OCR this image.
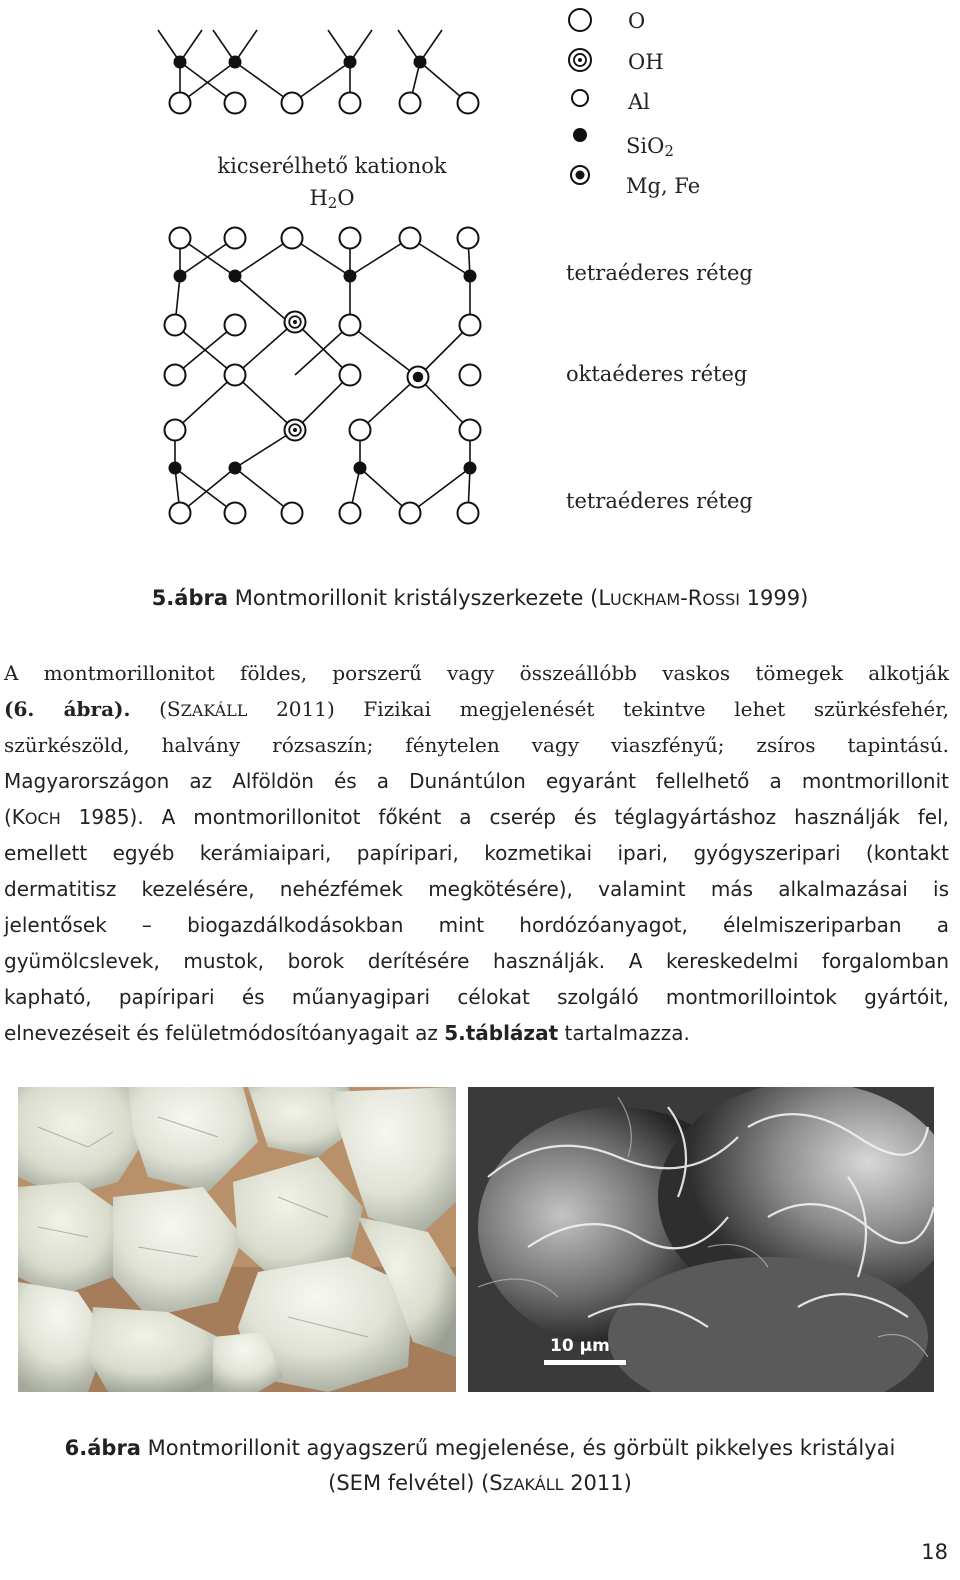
O
OH
Al
SiO2
Mg, Fe
kicserélhető kationok
H2O
tetraéderes réteg
oktaéderes réteg
tetraéderes réteg
5.ábra Montmorillonit kristályszerkezete (LUCKHAM-ROSSI 1999)
A montmorillonitot földes, porszerű vagy összeállóbb vaskos tömegek alkotják
(6. ábra). (SZAKÁLL 2011) Fizikai megjelenését tekintve lehet szürkésfehér,
szürkészöld, halvány rózsaszín; fénytelen vagy viaszfényű; zsíros tapintású.
Magyarországon az Alföldön és a Dunántúlon egyaránt fellelhető a montmorillonit
(KOCH 1985). A montmorillonitot főként a cserép és téglagyártáshoz használják fel,
emellett egyéb kerámiaipari, papíripari, kozmetikai ipari, gyógyszeripari (kontakt
dermatitisz kezelésére, nehézfémek megkötésére), valamint más alkalmazásai is
jelentősek – biogazdálkodásokban mint hordózóanyagot, élelmiszeriparban a
gyümölcslevek, mustok, borok derítésére használják. A kereskedelmi forgalomban
kapható, papíripari és műanyagipari célokat szolgáló montmorillointok gyártóit,
elnevezéseit és felületmódosítóanyagait az 5.táblázat tartalmazza.
10 μm
6.ábra Montmorillonit agyagszerű megjelenése, és görbült pikkelyes kristályai
(SEM felvétel) (SZAKÁLL 2011)
18
